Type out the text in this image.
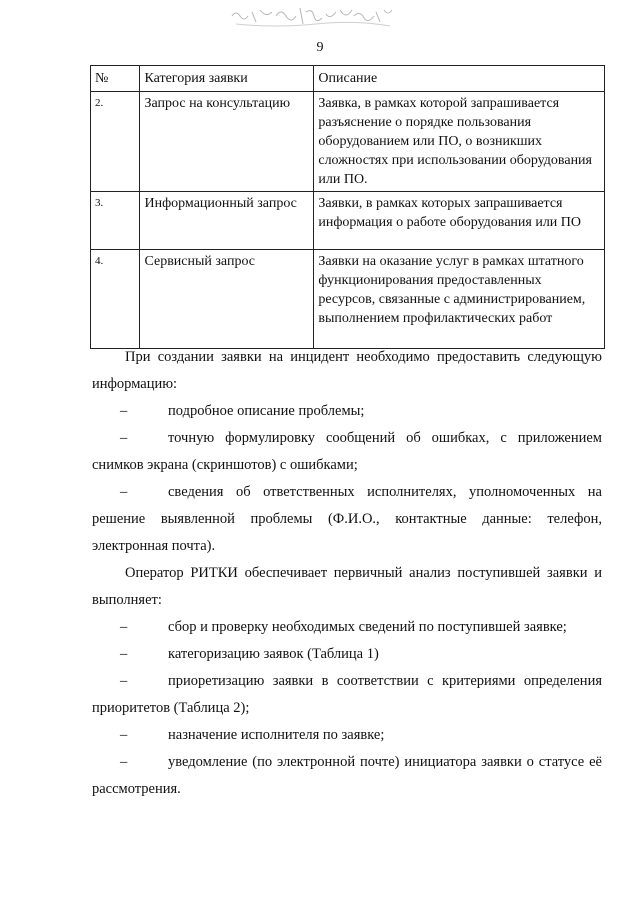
9
№	Категория заявки	Описание
2.	Запрос на консультацию	Заявка, в рамках которой запрашивается разъяснение о порядке пользования оборудованием или ПО, о возникших сложностях при использовании оборудования или ПО.
3.	Информационный запрос	Заявки, в рамках которых запрашивается информация о работе оборудования или ПО
4.	Сервисный запрос	Заявки на оказание услуг в рамках штатного функционирования предоставленных ресурсов, связанные с администрированием, выполнением профилактических работ

При создании заявки на инцидент необходимо предоставить следующую информацию:

–	подробное описание проблемы;

–	точную формулировку сообщений об ошибках, с приложением снимков экрана (скриншотов) с ошибками;

–	сведения об ответственных исполнителях, уполномоченных на решение выявленной проблемы (Ф.И.О., контактные данные: телефон, электронная почта).

Оператор РИТКИ обеспечивает первичный анализ поступившей заявки и выполняет:

–	сбор и проверку необходимых сведений по поступившей заявке;

–	категоризацию заявок (Таблица 1)

–	приоретизацию заявки в соответствии с критериями определения приоритетов (Таблица 2);

–	назначение исполнителя по заявке;

–	уведомление (по электронной почте) инициатора заявки о статусе её рассмотрения.
